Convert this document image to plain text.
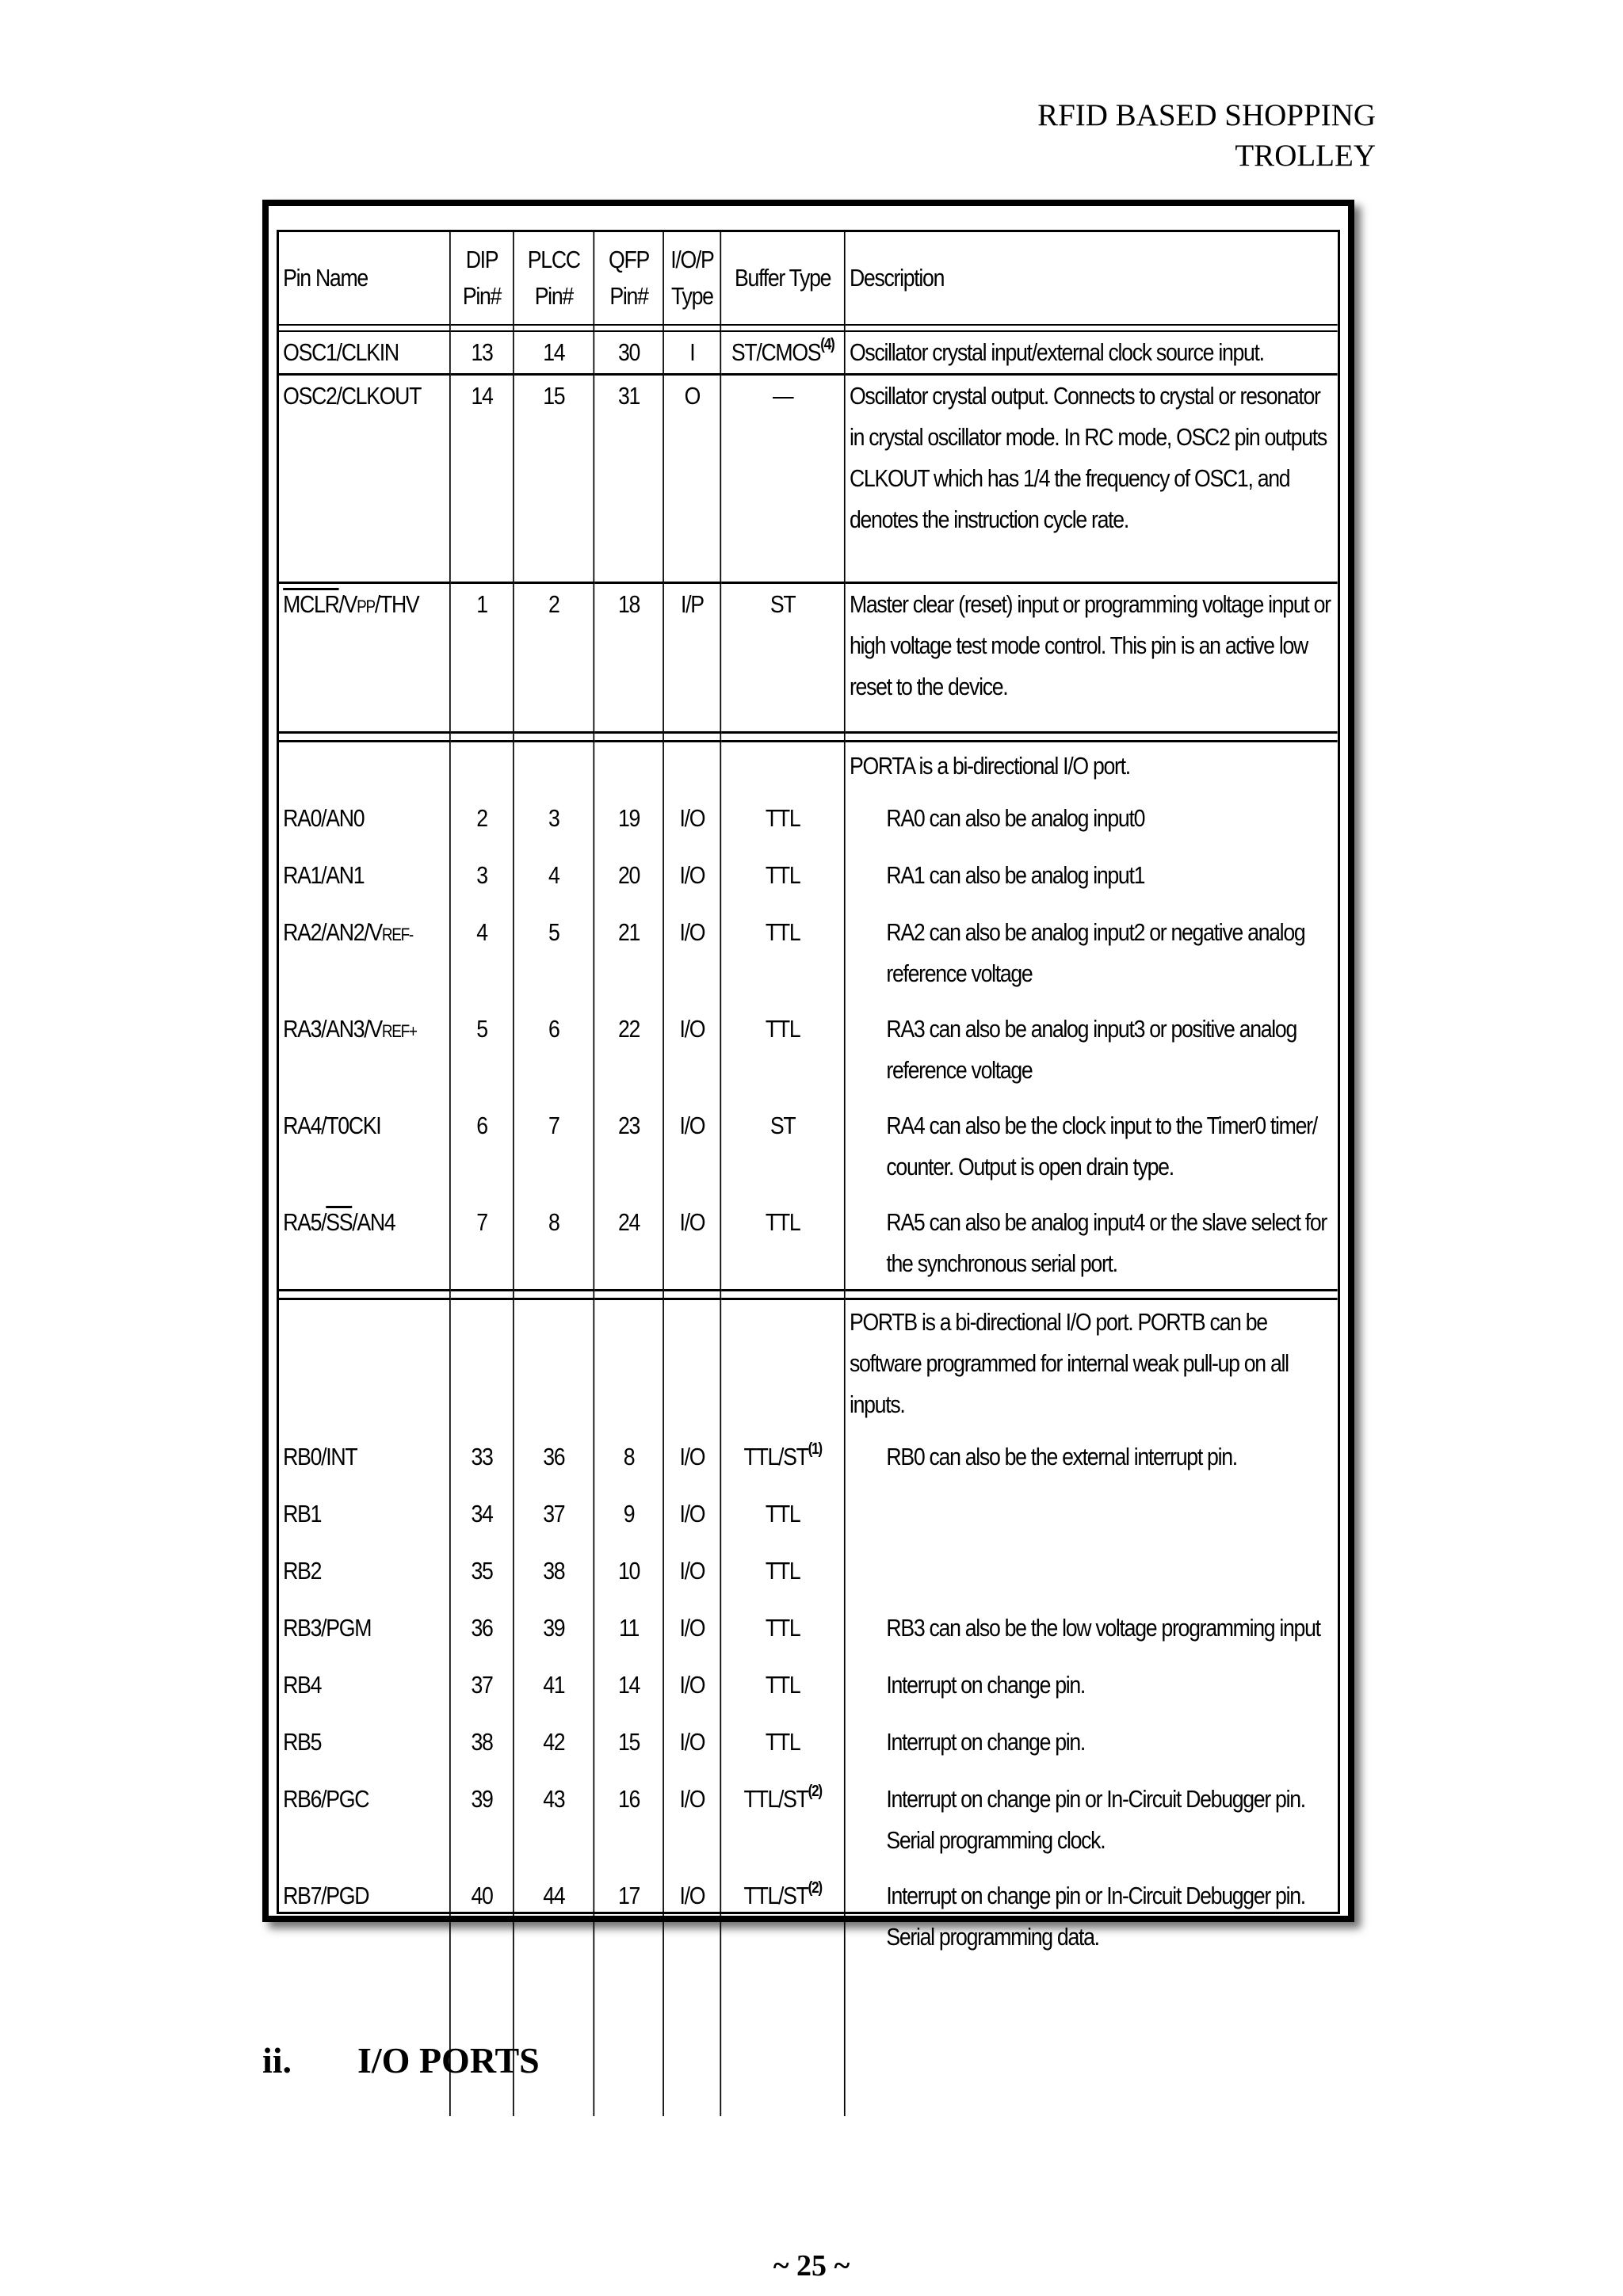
RFID BASED SHOPPING
TROLLEY
Pin Name	DIP Pin#	PLCC Pin#	QFP Pin#	I/O/P Type	Buffer Type	Description

OSC1/CLKIN	13	14	30	I	ST/CMOS$^{(4)}$	Oscillator crystal input/external clock source input.
OSC2/CLKOUT	14	15	31	O	—	Oscillator crystal output. Connects to crystal or resonator in crystal oscillator mode. In RC mode, OSC2 pin outputs CLKOUT which has 1/4 the frequency of OSC1, and denotes the instruction cycle rate.
MCLR/VPP/THV	1	2	18	I/P	ST	Master clear (reset) input or programming voltage input or high voltage test mode control. This pin is an active low reset to the device.

						PORTA is a bi-directional I/O port.
RA0/AN0	2	3	19	I/O	TTL	RA0 can also be analog input0
RA1/AN1	3	4	20	I/O	TTL	RA1 can also be analog input1
RA2/AN2/VREF-	4	5	21	I/O	TTL	RA2 can also be analog input2 or negative analog reference voltage
RA3/AN3/VREF+	5	6	22	I/O	TTL	RA3 can also be analog input3 or positive analog reference voltage
RA4/T0CKI	6	7	23	I/O	ST	RA4 can also be the clock input to the Timer0 timer/ counter. Output is open drain type.
$RA5/\overline{SS}/AN4$	7	8	24	I/O	TTL	RA5 can also be analog input4 or the slave select for the synchronous serial port.

						PORTB is a bi-directional I/O port. PORTB can be software programmed for internal weak pull-up on all inputs.
RB0/INT	33	36	8	I/O	TTL/ST$^{(1)}$	RB0 can also be the external interrupt pin.
RB1	34	37	9	I/O	TTL	
RB2	35	38	10	I/O	TTL	
RB3/PGM	36	39	11	I/O	TTL	RB3 can also be the low voltage programming input
RB4	37	41	14	I/O	TTL	Interrupt on change pin.
RB5	38	42	15	I/O	TTL	Interrupt on change pin.
RB6/PGC	39	43	16	I/O	TTL/ST$^{(2)}$	Interrupt on change pin or In-Circuit Debugger pin. Serial programming clock.
RB7/PGD	40	44	17	I/O	TTL/ST$^{(2)}$	Interrupt on change pin or In-Circuit Debugger pin. Serial programming data.

ii. I/O PORTS
~ 25 ~
